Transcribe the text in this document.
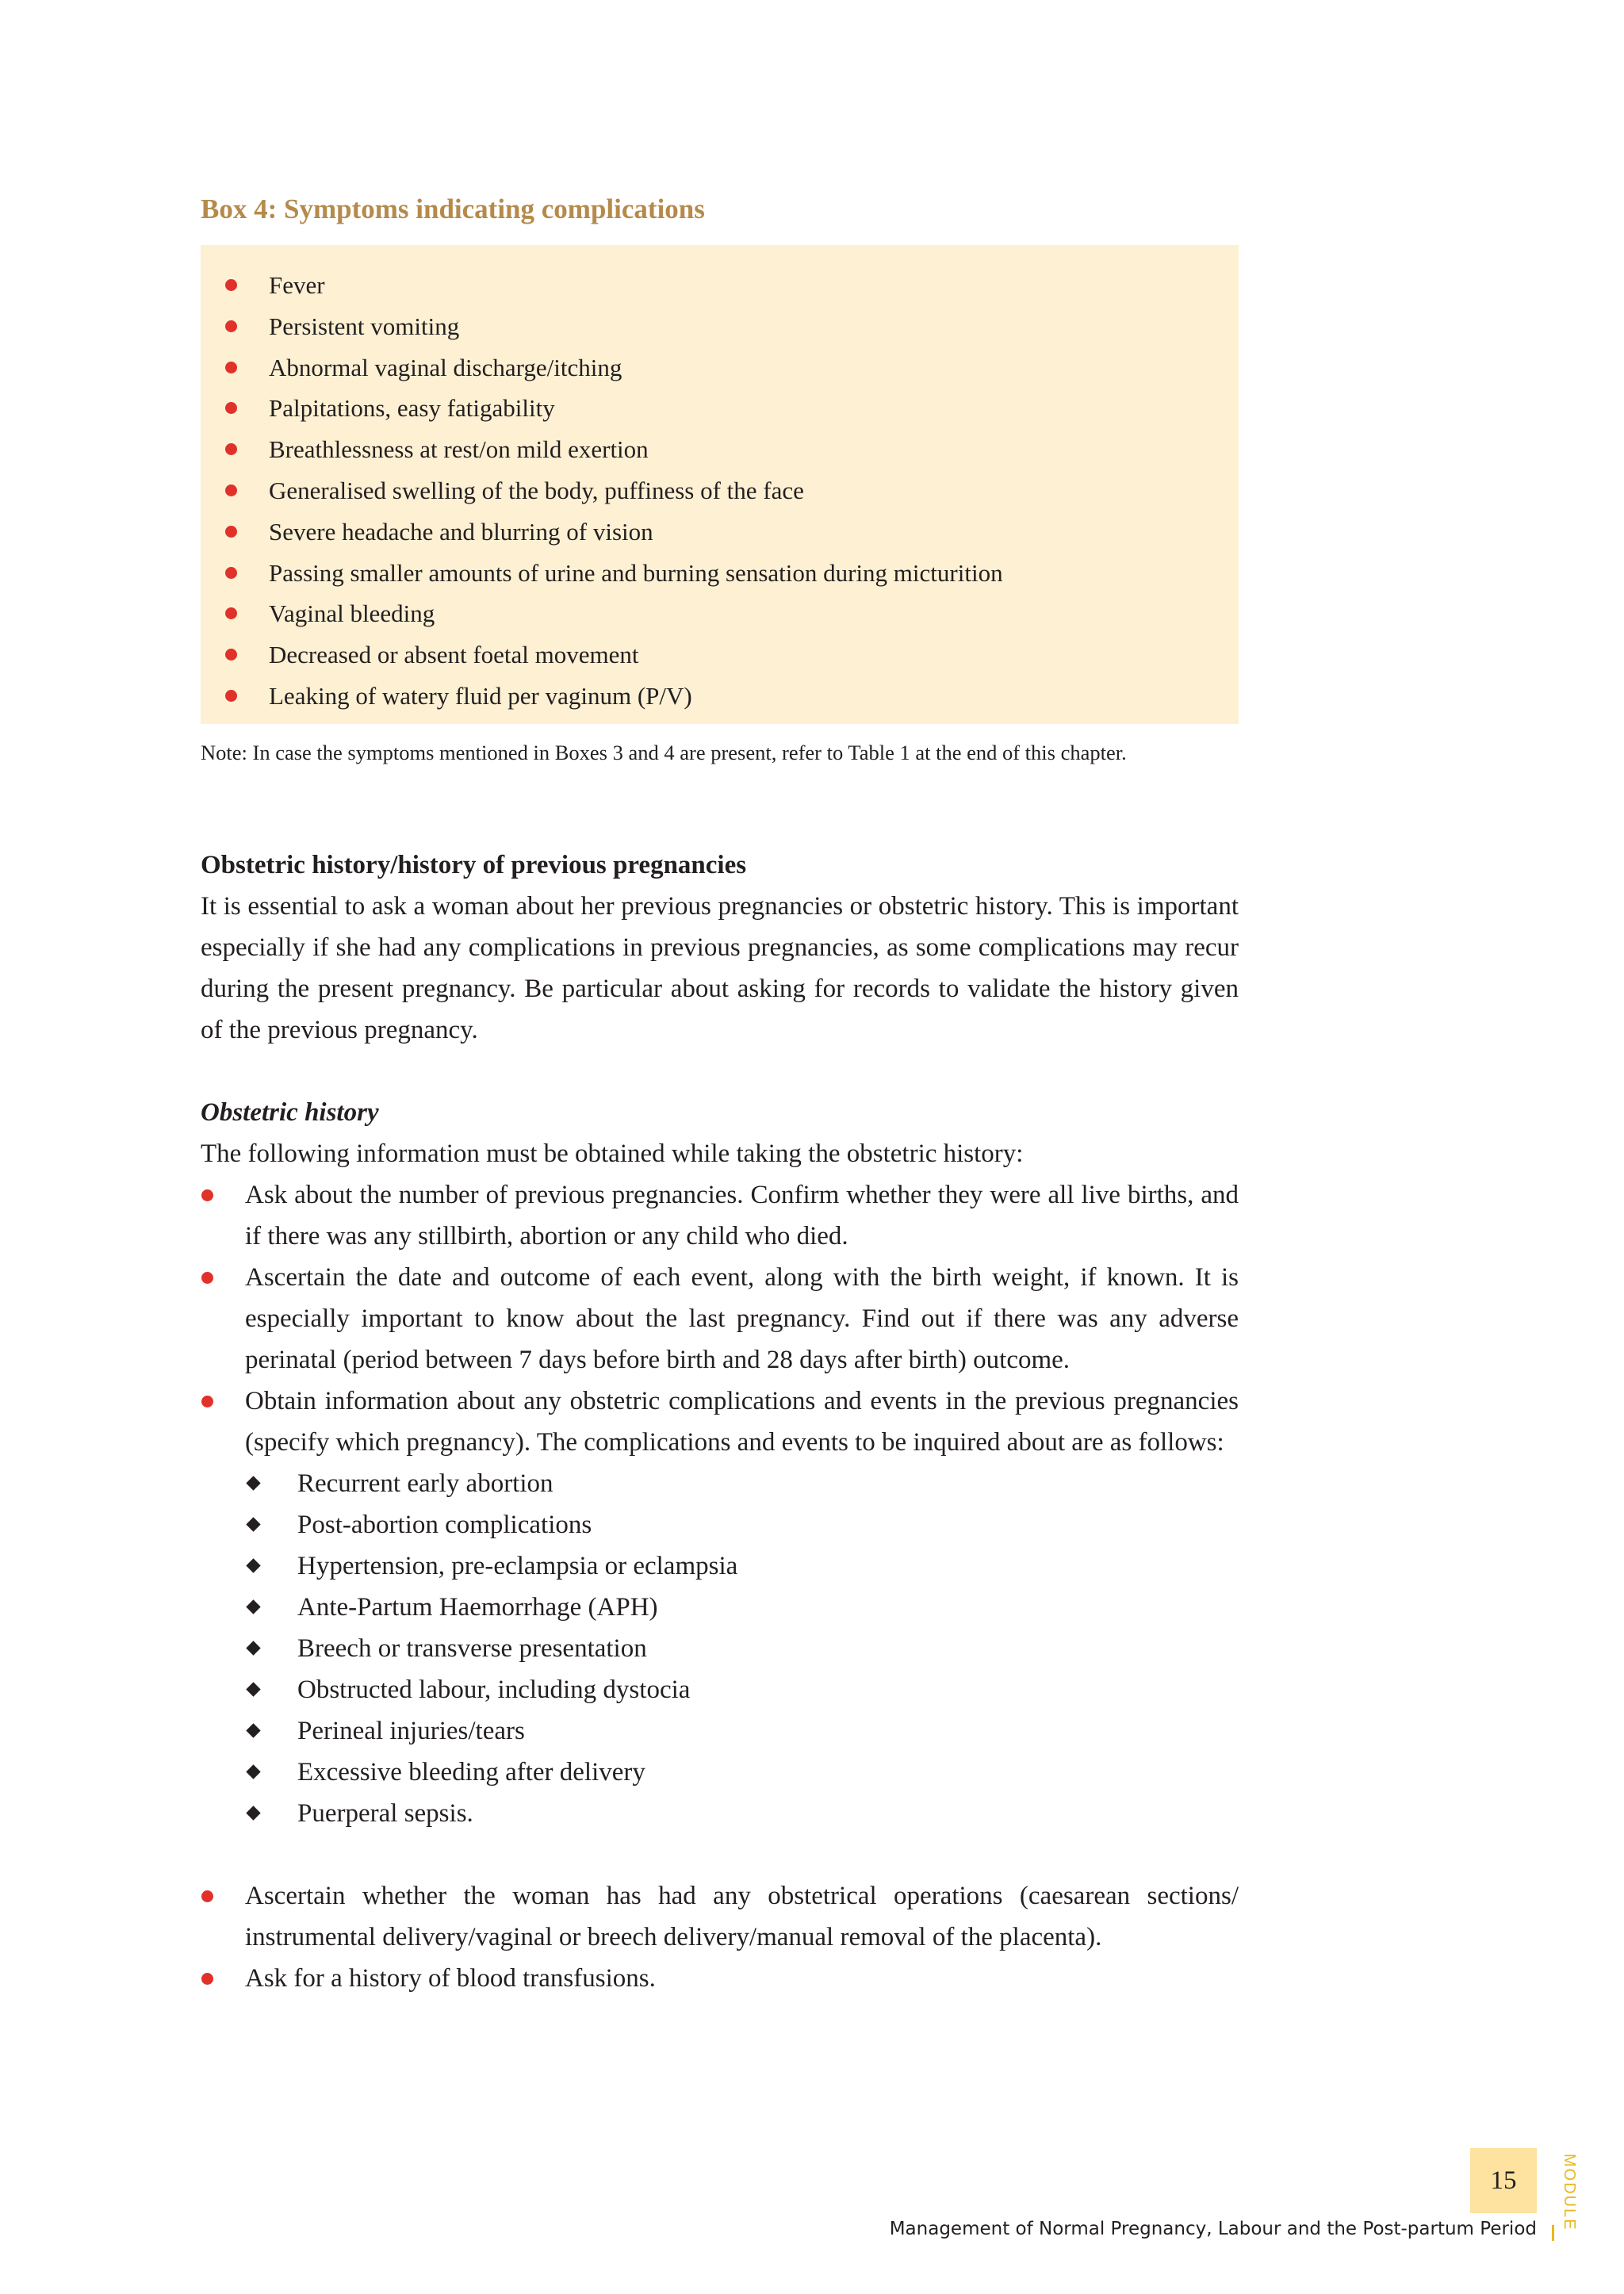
Box 4: Symptoms indicating complications
Fever
Persistent vomiting
Abnormal vaginal discharge/itching
Palpitations, easy fatigability
Breathlessness at rest/on mild exertion
Generalised swelling of the body, puffiness of the face
Severe headache and blurring of vision
Passing smaller amounts of urine and burning sensation during micturition
Vaginal bleeding
Decreased or absent foetal movement
Leaking of watery fluid per vaginum (P/V)

Note: In case the symptoms mentioned in Boxes 3 and 4 are present, refer to Table 1 at the end of this chapter.

Obstetric history/history of previous pregnancies

It is essential to ask a woman about her previous pregnancies or obstetric history. This is important especially if she had any complications in previous pregnancies, as some complications may recur during the present pregnancy. Be particular about asking for records to validate the history given of the previous pregnancy.

Obstetric history

The following information must be obtained while taking the obstetric history:

Ask about the number of previous pregnancies. Confirm whether they were all live births, and if there was any stillbirth, abortion or any child who died.
Ascertain the date and outcome of each event, along with the birth weight, if known. It is especially important to know about the last pregnancy. Find out if there was any adverse perinatal (period between 7 days before birth and 28 days after birth) outcome.
Obtain information about any obstetric complications and events in the previous pregnancies (specify which pregnancy). The complications and events to be inquired about are as follows:
Recurrent early abortion
Post-abortion complications
Hypertension, pre-eclampsia or eclampsia
Ante-Partum Haemorrhage (APH)
Breech or transverse presentation
Obstructed labour, including dystocia
Perineal injuries/tears
Excessive bleeding after delivery
Puerperal sepsis.
Ascertain whether the woman has had any obstetrical operations (caesarean sections/ instrumental delivery/vaginal or breech delivery/manual removal of the placenta).
Ask for a history of blood transfusions.
15	MODULE
Management of Normal Pregnancy, Labour and the Post-partum Period
